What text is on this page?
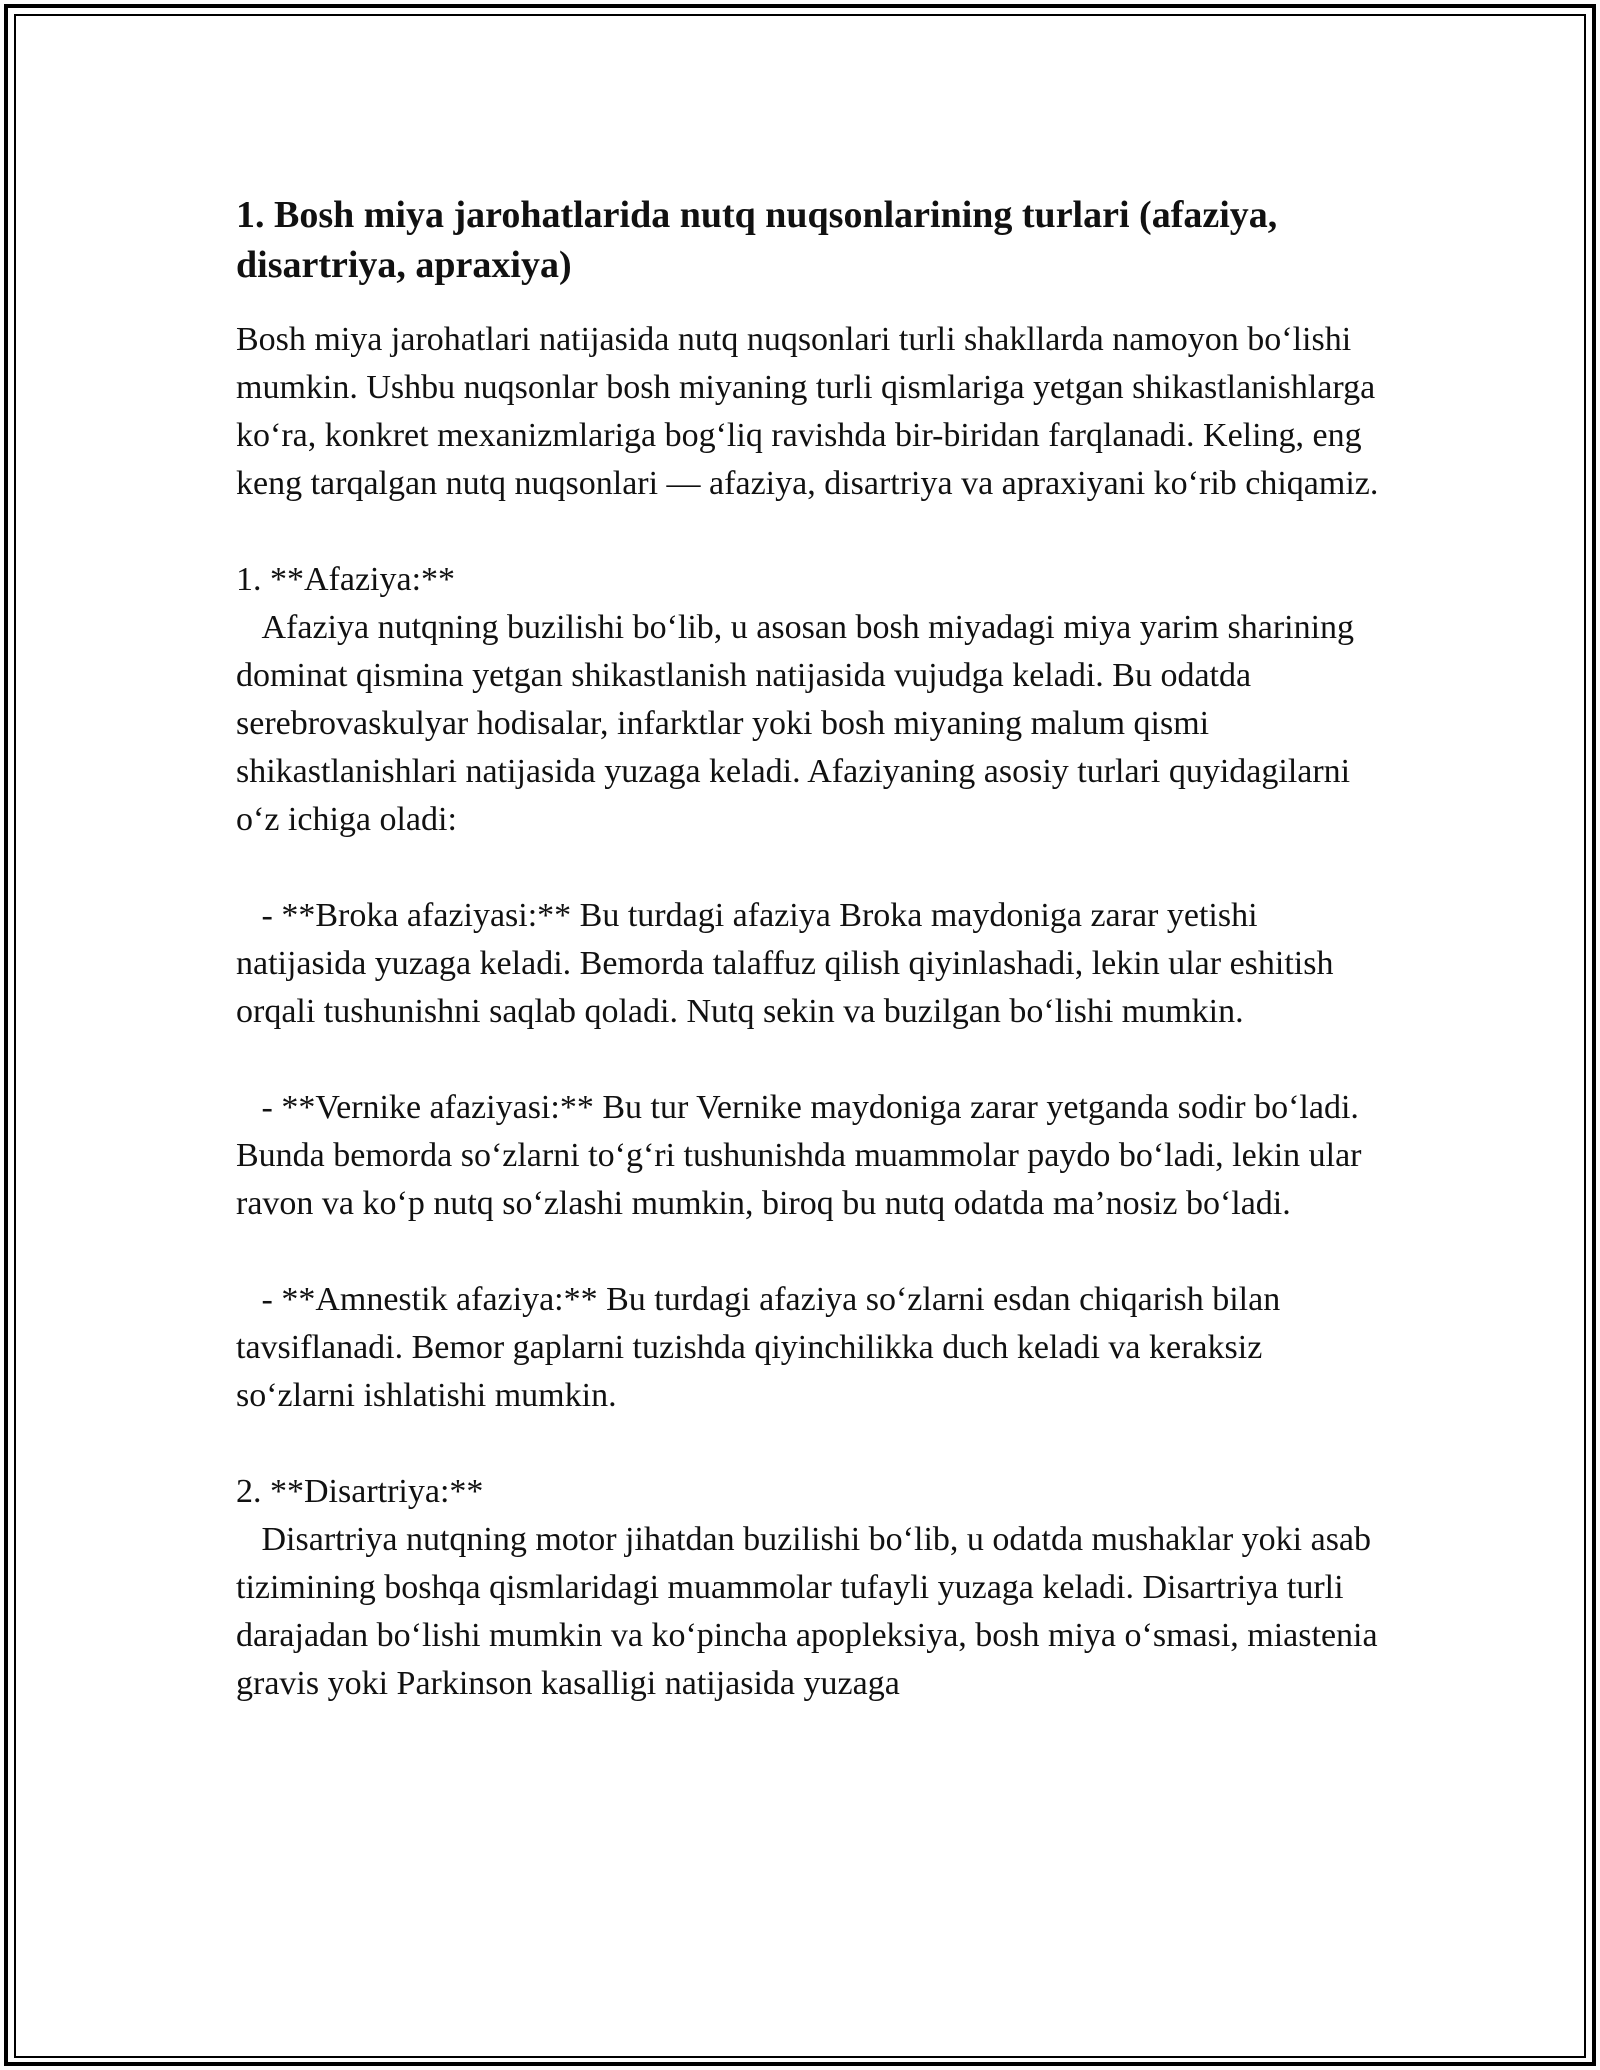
1. Bosh miya jarohatlarida nutq nuqsonlarining turlari (afaziya, disartriya, apraxiya)

Bosh miya jarohatlari natijasida nutq nuqsonlari turli shakllarda namoyon bo‘lishi mumkin. Ushbu nuqsonlar bosh miyaning turli qismlariga yetgan shikastlanishlarga ko‘ra, konkret mexanizmlariga bog‘liq ravishda bir-biridan farqlanadi. Keling, eng keng tarqalgan nutq nuqsonlari — afaziya, disartriya va apraxiyani ko‘rib chiqamiz.

1. **Afaziya:**

Afaziya nutqning buzilishi bo‘lib, u asosan bosh miyadagi miya yarim sharining dominat qismina yetgan shikastlanish natijasida vujudga keladi. Bu odatda serebrovaskulyar hodisalar, infarktlar yoki bosh miyaning malum qismi shikastlanishlari natijasida yuzaga keladi. Afaziyaning asosiy turlari quyidagilarni o‘z ichiga oladi:

- **Broka afaziyasi:** Bu turdagi afaziya Broka maydoniga zarar yetishi natijasida yuzaga keladi. Bemorda talaffuz qilish qiyinlashadi, lekin ular eshitish orqali tushunishni saqlab qoladi. Nutq sekin va buzilgan bo‘lishi mumkin.

- **Vernike afaziyasi:** Bu tur Vernike maydoniga zarar yetganda sodir bo‘ladi. Bunda bemorda so‘zlarni to‘g‘ri tushunishda muammolar paydo bo‘ladi, lekin ular ravon va ko‘p nutq so‘zlashi mumkin, biroq bu nutq odatda ma’nosiz bo‘ladi.

- **Amnestik afaziya:** Bu turdagi afaziya so‘zlarni esdan chiqarish bilan tavsiflanadi. Bemor gaplarni tuzishda qiyinchilikka duch keladi va keraksiz so‘zlarni ishlatishi mumkin.

2. **Disartriya:**

Disartriya nutqning motor jihatdan buzilishi bo‘lib, u odatda mushaklar yoki asab tizimining boshqa qismlaridagi muammolar tufayli yuzaga keladi. Disartriya turli darajadan bo‘lishi mumkin va ko‘pincha apopleksiya, bosh miya o‘smasi, miastenia gravis yoki Parkinson kasalligi natijasida yuzaga
